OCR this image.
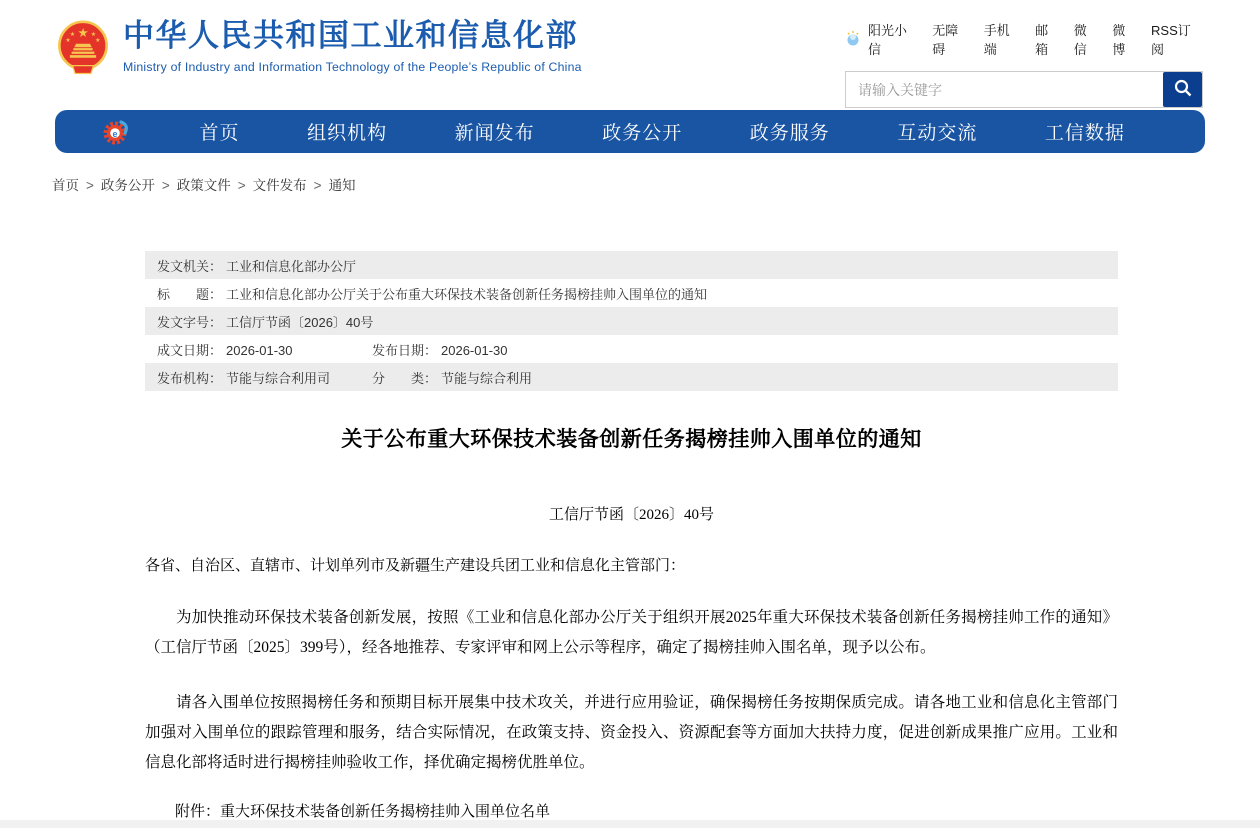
★
★ ★
★	★ 中华人民共和国工业和信息化部
Ministry of Industry and Information Technology of the People’s Republic of China
阳光小信
无障碍
手机端
邮箱
微信
微博
RSS订阅
请输入关键字
e	首页	组织机构	新闻发布	政务公开	政务服务	互动交流	工信数据
首页 > 政务公开 > 政策文件 > 文件发布 > 通知
发文机关： 工业和信息化部办公厅
标　　题： 工业和信息化部办公厅关于公布重大环保技术装备创新任务揭榜挂帅入围单位的通知
发文字号： 工信厅节函〔2026〕40号
成文日期： 2026-01-30	发布日期： 2026-01-30
发布机构： 节能与综合利用司	分　　类： 节能与综合利用
关于公布重大环保技术装备创新任务揭榜挂帅入围单位的通知
工信厅节函〔2026〕40号
各省、自治区、直辖市、计划单列市及新疆生产建设兵团工业和信息化主管部门：

为加快推动环保技术装备创新发展，按照《工业和信息化部办公厅关于组织开展2025年重大环保技术装备创新任务揭榜挂帅工作的通知》（工信厅节函〔2025〕399号），经各地推荐、专家评审和网上公示等程序，确定了揭榜挂帅入围名单，现予以公布。

请各入围单位按照揭榜任务和预期目标开展集中技术攻关，并进行应用验证，确保揭榜任务按期保质完成。请各地工业和信息化主管部门加强对入围单位的跟踪管理和服务，结合实际情况，在政策支持、资金投入、资源配套等方面加大扶持力度，促进创新成果推广应用。工业和信息化部将适时进行揭榜挂帅验收工作，择优确定揭榜优胜单位。

附件：重大环保技术装备创新任务揭榜挂帅入围单位名单
